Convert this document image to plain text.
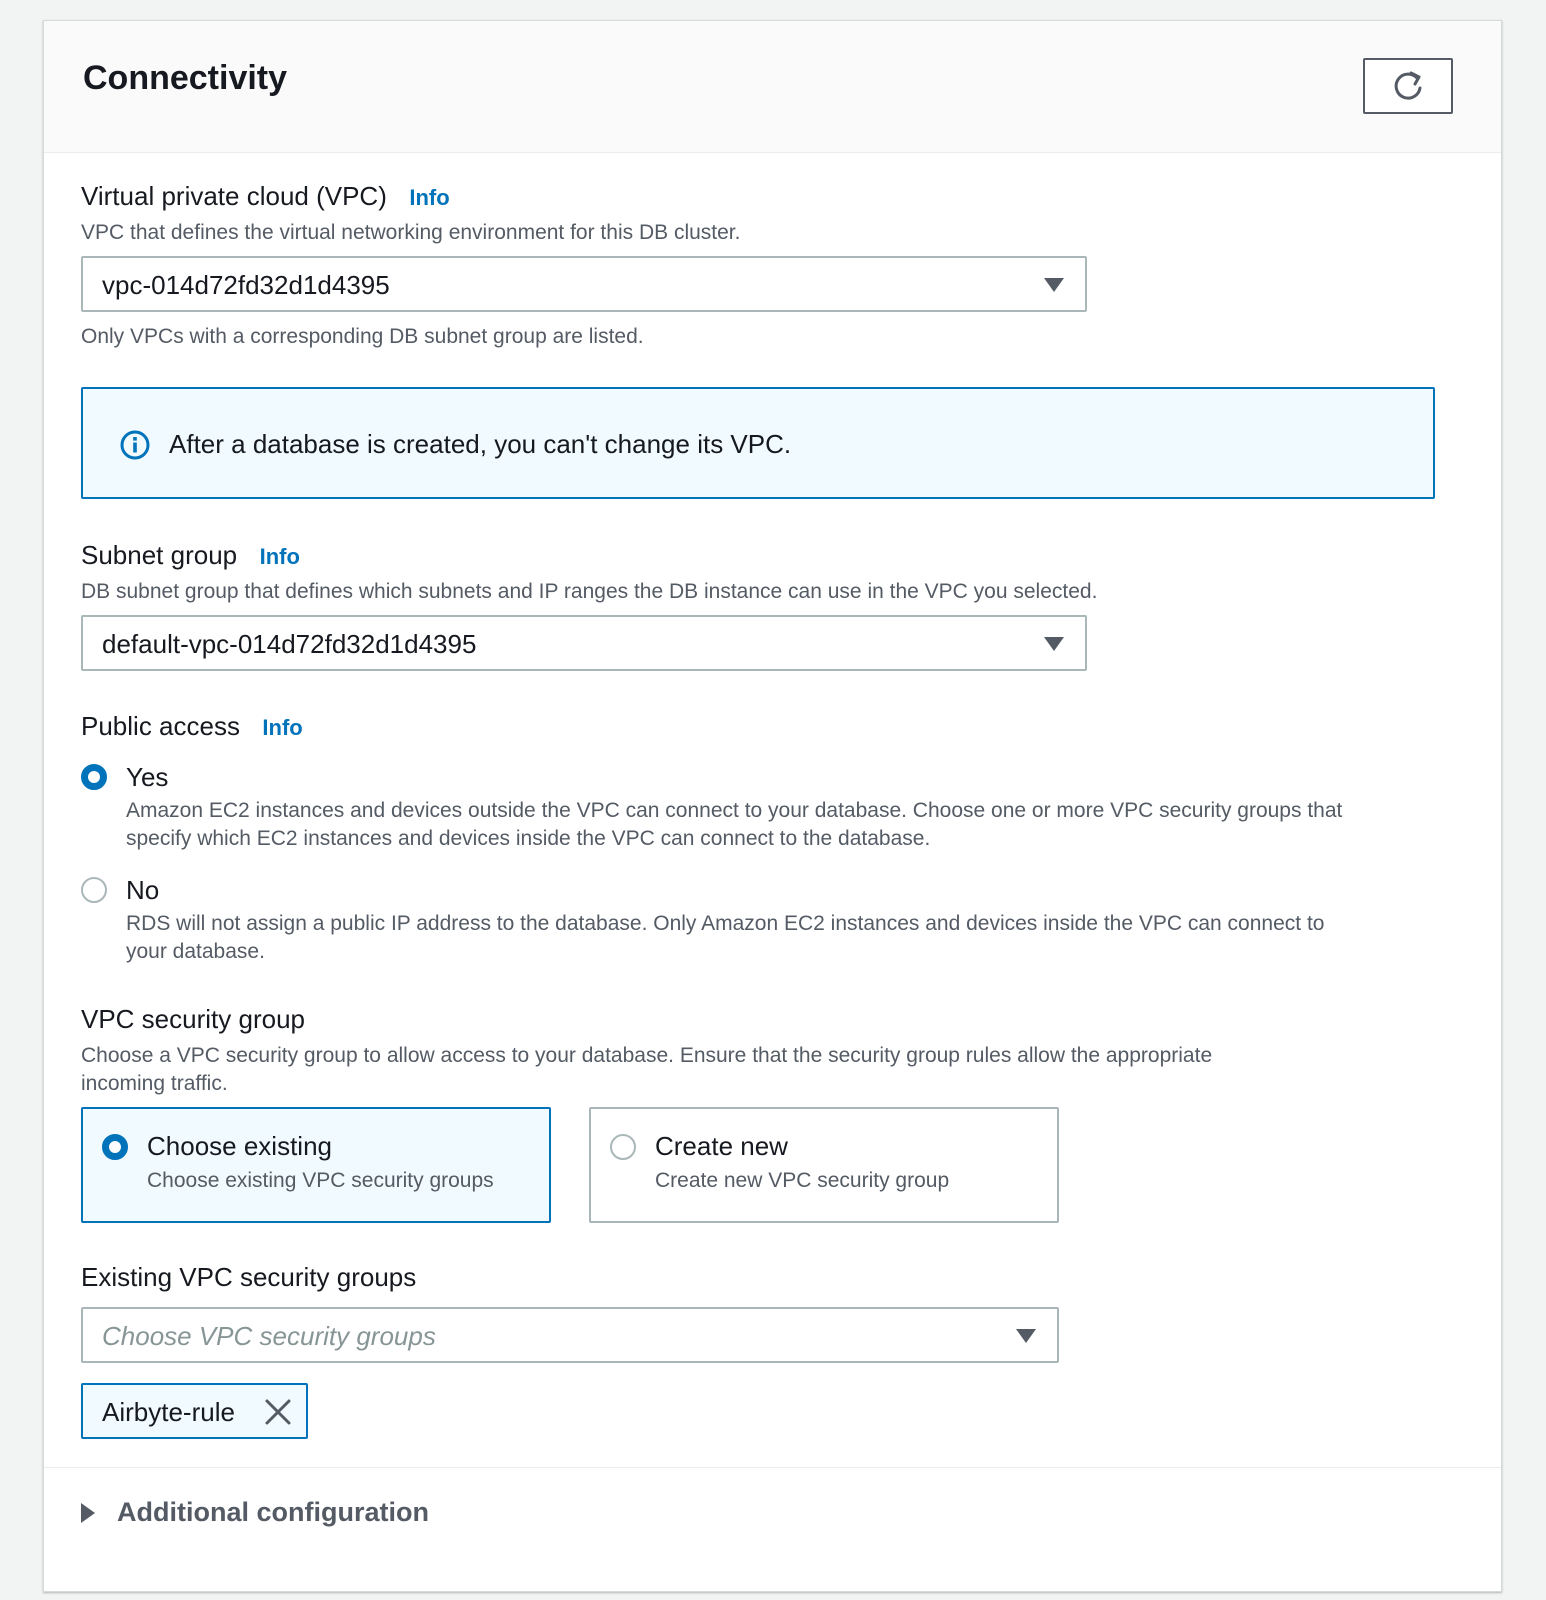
Connectivity
Virtual private cloud (VPC) Info
VPC that defines the virtual networking environment for this DB cluster.
vpc-014d72fd32d1d4395
Only VPCs with a corresponding DB subnet group are listed.
After a database is created, you can't change its VPC.
Subnet group Info
DB subnet group that defines which subnets and IP ranges the DB instance can use in the VPC you selected.
default-vpc-014d72fd32d1d4395
Public access Info
Yes
Amazon EC2 instances and devices outside the VPC can connect to your database. Choose one or more VPC security groups that
specify which EC2 instances and devices inside the VPC can connect to the database.
No
RDS will not assign a public IP address to the database. Only Amazon EC2 instances and devices inside the VPC can connect to
your database.
VPC security group
Choose a VPC security group to allow access to your database. Ensure that the security group rules allow the appropriate
incoming traffic.
Choose existing
Choose existing VPC security groups
Create new
Create new VPC security group
Existing VPC security groups
Choose VPC security groups
Airbyte-rule
Additional configuration
